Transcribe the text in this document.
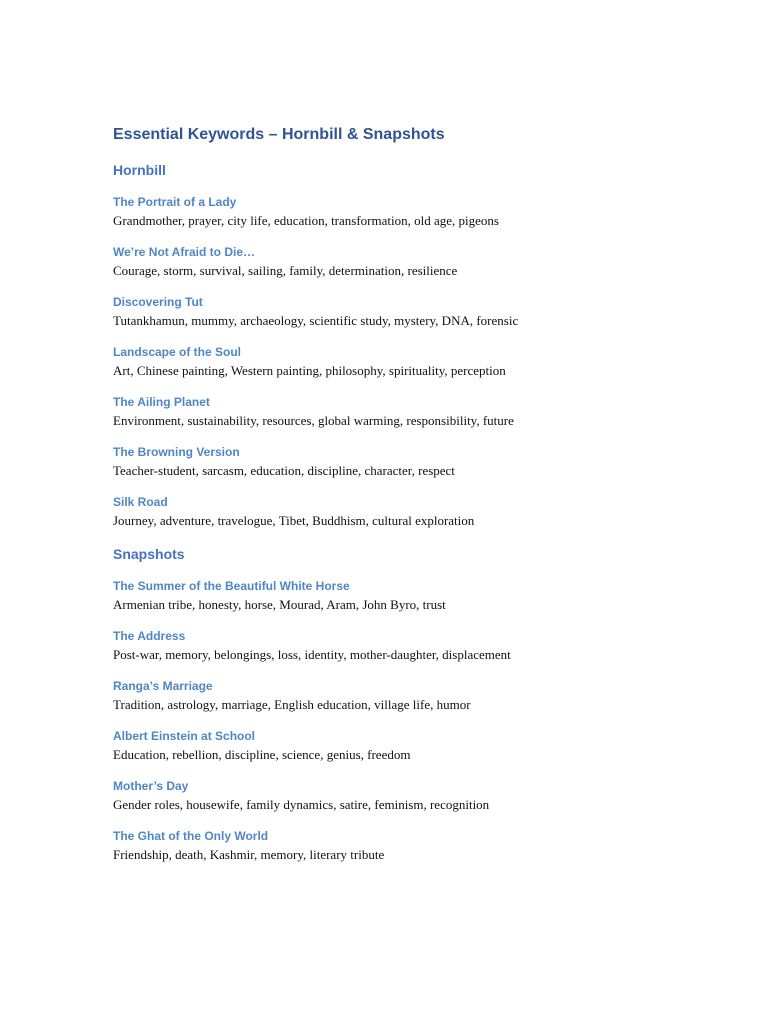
Essential Keywords – Hornbill & Snapshots
Hornbill
The Portrait of a Lady
Grandmother, prayer, city life, education, transformation, old age, pigeons
We’re Not Afraid to Die…
Courage, storm, survival, sailing, family, determination, resilience
Discovering Tut
Tutankhamun, mummy, archaeology, scientific study, mystery, DNA, forensic
Landscape of the Soul
Art, Chinese painting, Western painting, philosophy, spirituality, perception
The Ailing Planet
Environment, sustainability, resources, global warming, responsibility, future
The Browning Version
Teacher-student, sarcasm, education, discipline, character, respect
Silk Road
Journey, adventure, travelogue, Tibet, Buddhism, cultural exploration
Snapshots
The Summer of the Beautiful White Horse
Armenian tribe, honesty, horse, Mourad, Aram, John Byro, trust
The Address
Post-war, memory, belongings, loss, identity, mother-daughter, displacement
Ranga’s Marriage
Tradition, astrology, marriage, English education, village life, humor
Albert Einstein at School
Education, rebellion, discipline, science, genius, freedom
Mother’s Day
Gender roles, housewife, family dynamics, satire, feminism, recognition
The Ghat of the Only World
Friendship, death, Kashmir, memory, literary tribute
